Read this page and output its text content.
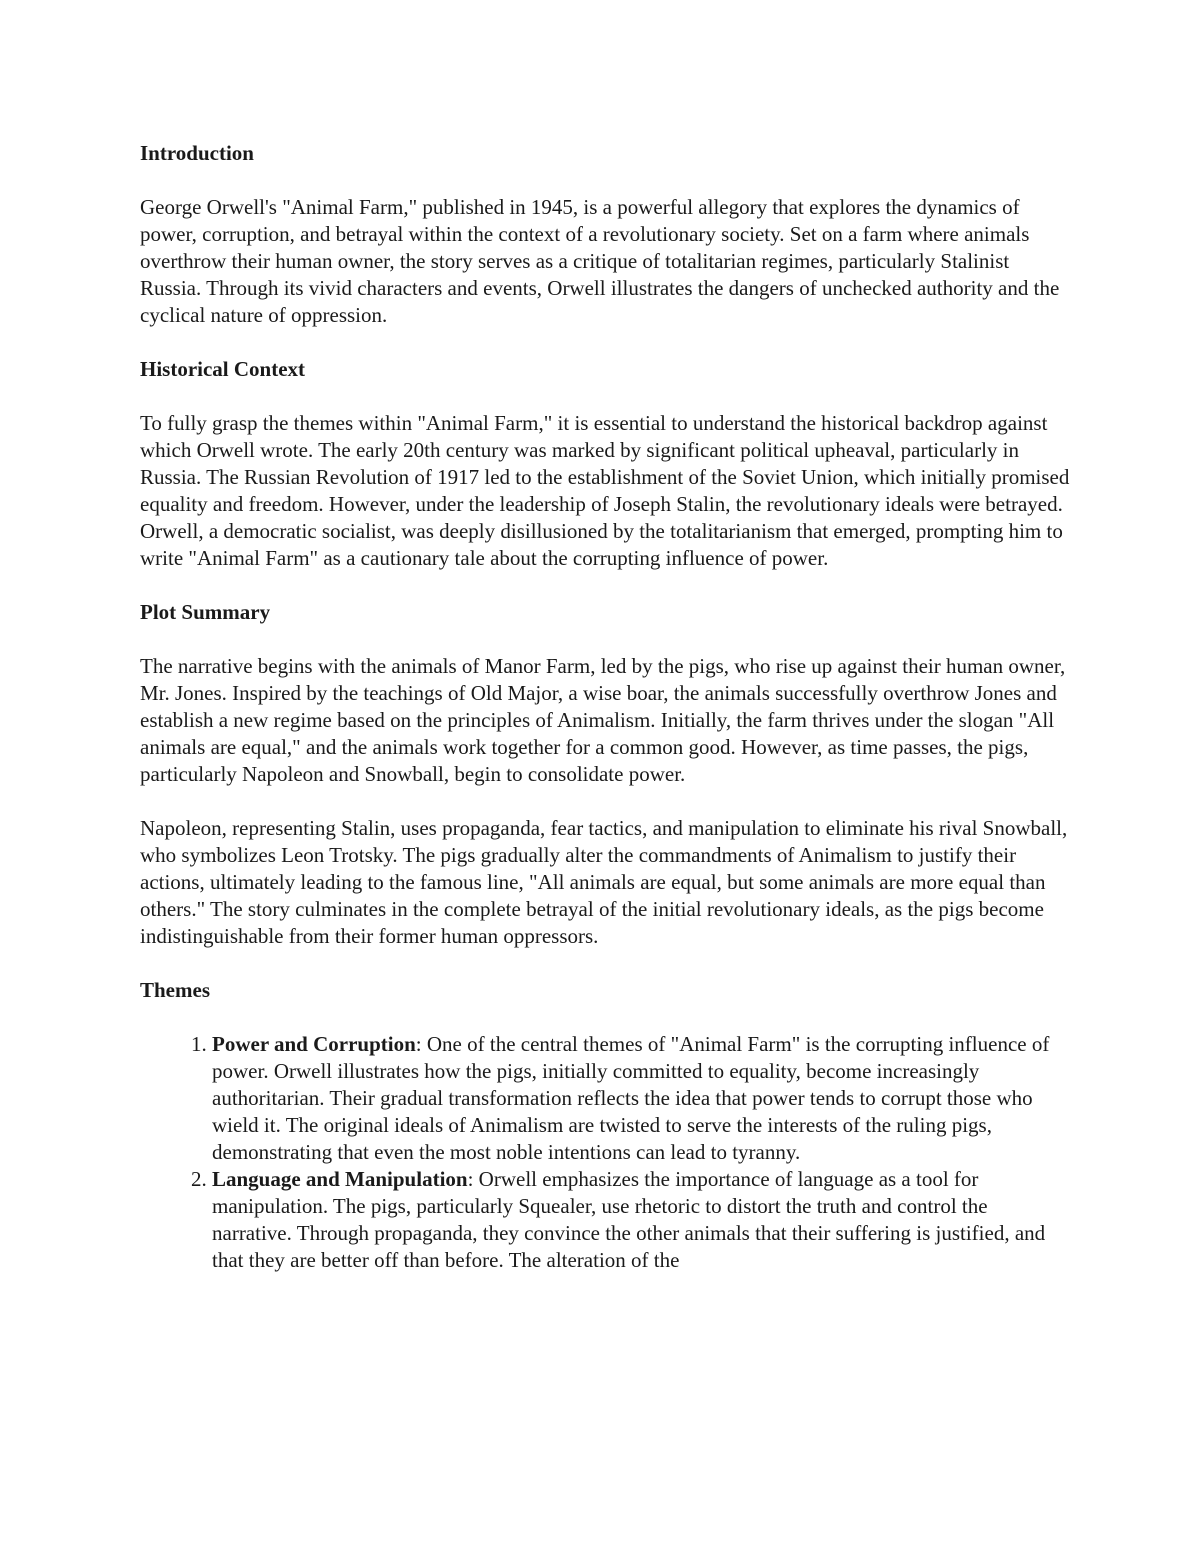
Introduction

George Orwell's "Animal Farm," published in 1945, is a powerful allegory that explores the dynamics of power, corruption, and betrayal within the context of a revolutionary society. Set on a farm where animals overthrow their human owner, the story serves as a critique of totalitarian regimes, particularly Stalinist Russia. Through its vivid characters and events, Orwell illustrates the dangers of unchecked authority and the cyclical nature of oppression.

Historical Context

To fully grasp the themes within "Animal Farm," it is essential to understand the historical backdrop against which Orwell wrote. The early 20th century was marked by significant political upheaval, particularly in Russia. The Russian Revolution of 1917 led to the establishment of the Soviet Union, which initially promised equality and freedom. However, under the leadership of Joseph Stalin, the revolutionary ideals were betrayed. Orwell, a democratic socialist, was deeply disillusioned by the totalitarianism that emerged, prompting him to write "Animal Farm" as a cautionary tale about the corrupting influence of power.

Plot Summary

The narrative begins with the animals of Manor Farm, led by the pigs, who rise up against their human owner, Mr. Jones. Inspired by the teachings of Old Major, a wise boar, the animals successfully overthrow Jones and establish a new regime based on the principles of Animalism. Initially, the farm thrives under the slogan "All animals are equal," and the animals work together for a common good. However, as time passes, the pigs, particularly Napoleon and Snowball, begin to consolidate power.

Napoleon, representing Stalin, uses propaganda, fear tactics, and manipulation to eliminate his rival Snowball, who symbolizes Leon Trotsky. The pigs gradually alter the commandments of Animalism to justify their actions, ultimately leading to the famous line, "All animals are equal, but some animals are more equal than others." The story culminates in the complete betrayal of the initial revolutionary ideals, as the pigs become indistinguishable from their former human oppressors.

Themes
1. Power and Corruption: One of the central themes of "Animal Farm" is the corrupting influence of power. Orwell illustrates how the pigs, initially committed to equality, become increasingly authoritarian. Their gradual transformation reflects the idea that power tends to corrupt those who wield it. The original ideals of Animalism are twisted to serve the interests of the ruling pigs, demonstrating that even the most noble intentions can lead to tyranny.
2. Language and Manipulation: Orwell emphasizes the importance of language as a tool for manipulation. The pigs, particularly Squealer, use rhetoric to distort the truth and control the narrative. Through propaganda, they convince the other animals that their suffering is justified, and that they are better off than before. The alteration of the
